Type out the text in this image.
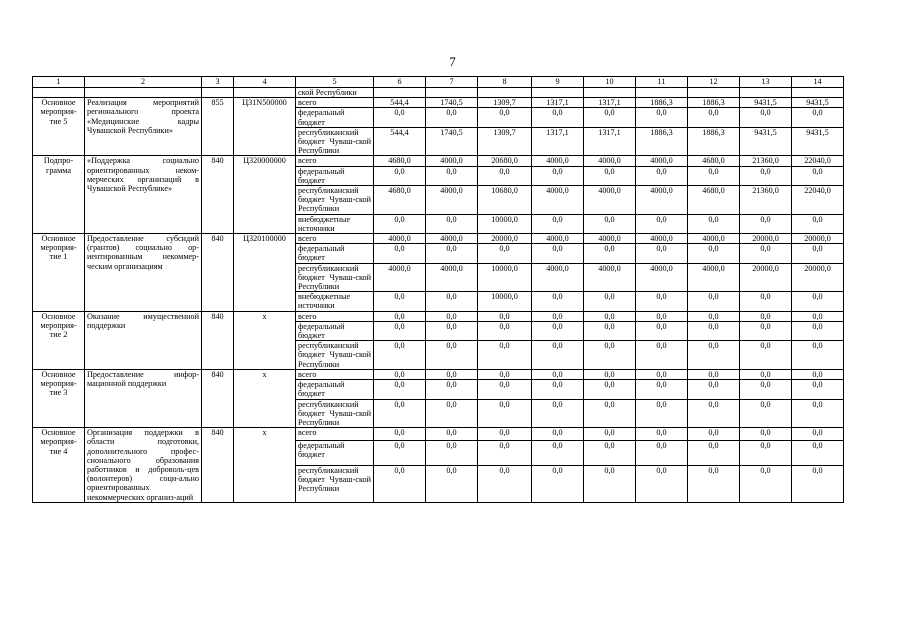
7
1	2	3	4	5	6	7	8	9	10	11	12	13	14
				ской Республики									
Основное мероприя-тие 5	Реализация мероприятий регионального проекта «Медицинские кадры Чувашской Республики»	855	Ц31N500000	всего	544,4	1740,5	1309,7	1317,1	1317,1	1886,3	1886,3	9431,5	9431,5
				федеральный бюджет	0,0	0,0	0,0	0,0	0,0	0,0	0,0	0,0	0,0
				республиканский бюджет Чуваш-ской Республики	544,4	1740,5	1309,7	1317,1	1317,1	1886,3	1886,3	9431,5	9431,5
Подпро-грамма	«Поддержка социально ориентированных неком-мерческих организаций в Чувашской Республике»	840	Ц320000000	всего	4680,0	4000,0	20680,0	4000,0	4000,0	4000,0	4680,0	21360,0	22040,0
				федеральный бюджет	0,0	0,0	0,0	0,0	0,0	0,0	0,0	0,0	0,0
				республиканский бюджет Чуваш-ской Республики	4680,0	4000,0	10680,0	4000,0	4000,0	4000,0	4680,0	21360,0	22040,0
				внебюджетные источники	0,0	0,0	10000,0	0,0	0,0	0,0	0,0	0,0	0,0
Основное мероприя-тие 1	Предоставление субсидий (грантов) социально ор-иентированным некоммер-ческим организациям	840	Ц320100000	всего	4000,0	4000,0	20000,0	4000,0	4000,0	4000,0	4000,0	20000,0	20000,0
				федеральный бюджет	0,0	0,0	0,0	0,0	0,0	0,0	0,0	0,0	0,0
				республиканский бюджет Чуваш-ской Республики	4000,0	4000,0	10000,0	4000,0	4000,0	4000,0	4000,0	20000,0	20000,0
				внебюджетные источники	0,0	0,0	10000,0	0,0	0,0	0,0	0,0	0,0	0,0
Основное мероприя-тие 2	Оказание имущественной поддержки	840	x	всего	0,0	0,0	0,0	0,0	0,0	0,0	0,0	0,0	0,0
				федеральный бюджет	0,0	0,0	0,0	0,0	0,0	0,0	0,0	0,0	0,0
				республиканский бюджет Чуваш-ской Республики	0,0	0,0	0,0	0,0	0,0	0,0	0,0	0,0	0,0
Основное мероприя-тие 3	Предоставление инфор-мационной поддержки	840	x	всего	0,0	0,0	0,0	0,0	0,0	0,0	0,0	0,0	0,0
				федеральный бюджет	0,0	0,0	0,0	0,0	0,0	0,0	0,0	0,0	0,0
				республиканский бюджет Чуваш-ской Республики	0,0	0,0	0,0	0,0	0,0	0,0	0,0	0,0	0,0
Основное мероприя-тие 4	Организация поддержки в области подготовки, дополнительного профес-сионального образования работников и доброволь-цев (волонтеров) соци-ально ориентированных некоммерческих организ-аций	840	x	всего	0,0	0,0	0,0	0,0	0,0	0,0	0,0	0,0	0,0
				федеральный бюджет	0,0	0,0	0,0	0,0	0,0	0,0	0,0	0,0	0,0
				республиканский бюджет Чуваш-ской Республики	0,0	0,0	0,0	0,0	0,0	0,0	0,0	0,0	0,0
